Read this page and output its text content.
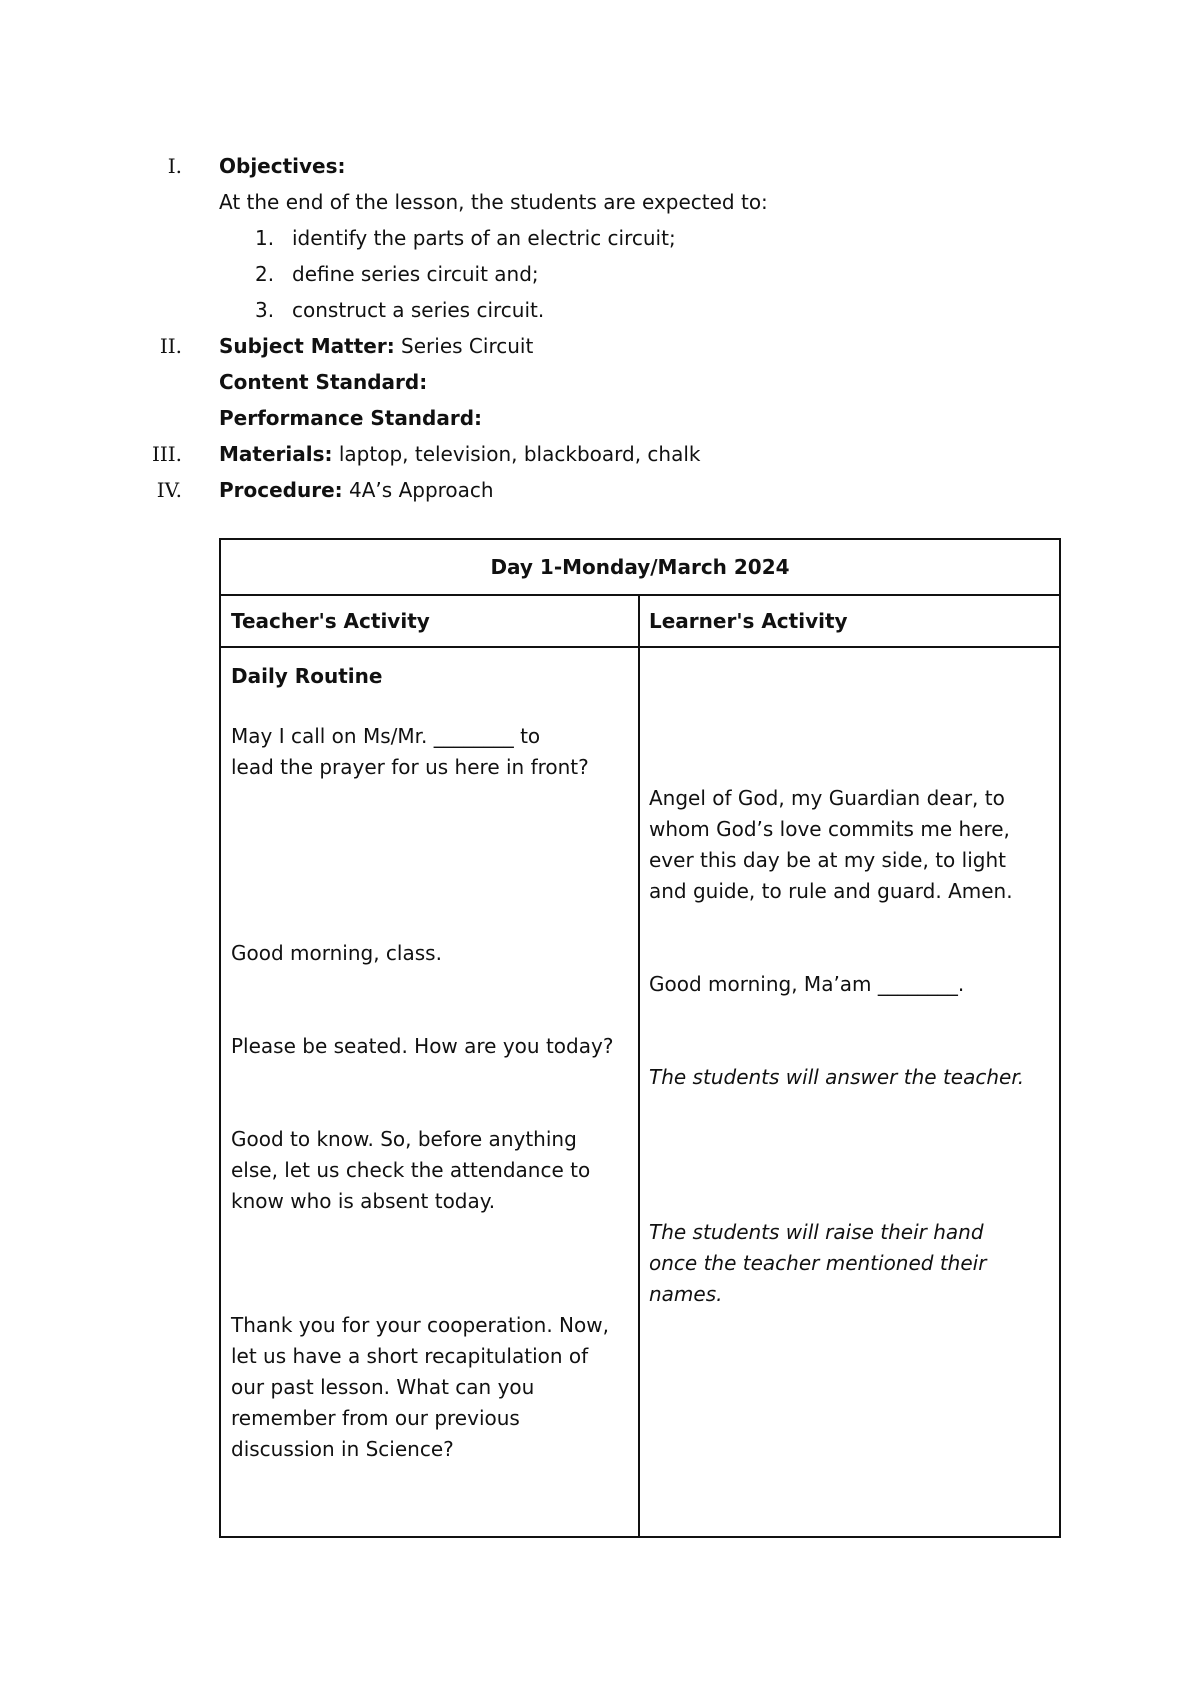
I. Objectives:
At the end of the lesson, the students are expected to:
1. identify the parts of an electric circuit;
2. define series circuit and;
3. construct a series circuit.
II. Subject Matter: Series Circuit
Content Standard:
Performance Standard:
III. Materials: laptop, television, blackboard, chalk
IV. Procedure: 4A’s Approach
Day 1-Monday/March 2024
Teacher's Activity	Learner's Activity
Daily Routine
May I call on Ms/Mr. ________ to
lead the prayer for us here in front?
Good morning, class.
Please be seated. How are you today?
Good to know. So, before anything
else, let us check the attendance to
know who is absent today.
Thank you for your cooperation. Now,
let us have a short recapitulation of
our past lesson. What can you
remember from our previous
discussion in Science?
Angel of God, my Guardian dear, to
whom God’s love commits me here,
ever this day be at my side, to light
and guide, to rule and guard. Amen.
Good morning, Ma’am ________.
The students will answer the teacher.
The students will raise their hand
once the teacher mentioned their
names.
